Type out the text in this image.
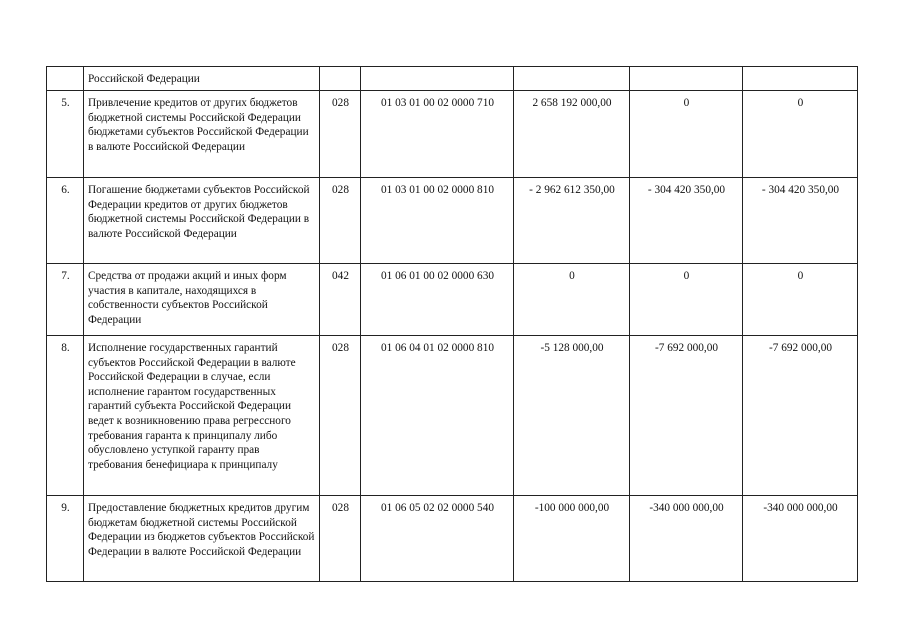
	Российской Федерации					
5.	Привлечение кредитов от других бюджетов бюджетной системы Российской Федерации бюджетами субъектов Российской Федерации в валюте Российской Федерации	028	01 03 01 00 02 0000 710	2 658 192 000,00	0	0
6.	Погашение бюджетами субъектов Российской Федерации кредитов от других бюджетов бюджетной системы Российской Федерации в валюте Российской Федерации	028	01 03 01 00 02 0000 810	- 2 962 612 350,00	- 304 420 350,00	- 304 420 350,00
7.	Средства от продажи акций и иных форм участия в капитале, находящихся в собственности субъектов Российской Федерации	042	01 06 01 00 02 0000 630	0	0	0
8.	Исполнение государственных гарантий субъектов Российской Федерации в валюте Российской Федерации в случае, если исполнение гарантом государственных гарантий субъекта Российской Федерации ведет к возникновению права регрессного требования гаранта к принципалу либо обусловлено уступкой гаранту прав требования бенефициара к принципалу	028	01 06 04 01 02 0000 810	-5 128 000,00	-7 692 000,00	-7 692 000,00
9.	Предоставление бюджетных кредитов другим бюджетам бюджетной системы Российской Федерации из бюджетов субъектов Российской Федерации в валюте Российской Федерации	028	01 06 05 02 02 0000 540	-100 000 000,00	-340 000 000,00	-340 000 000,00
